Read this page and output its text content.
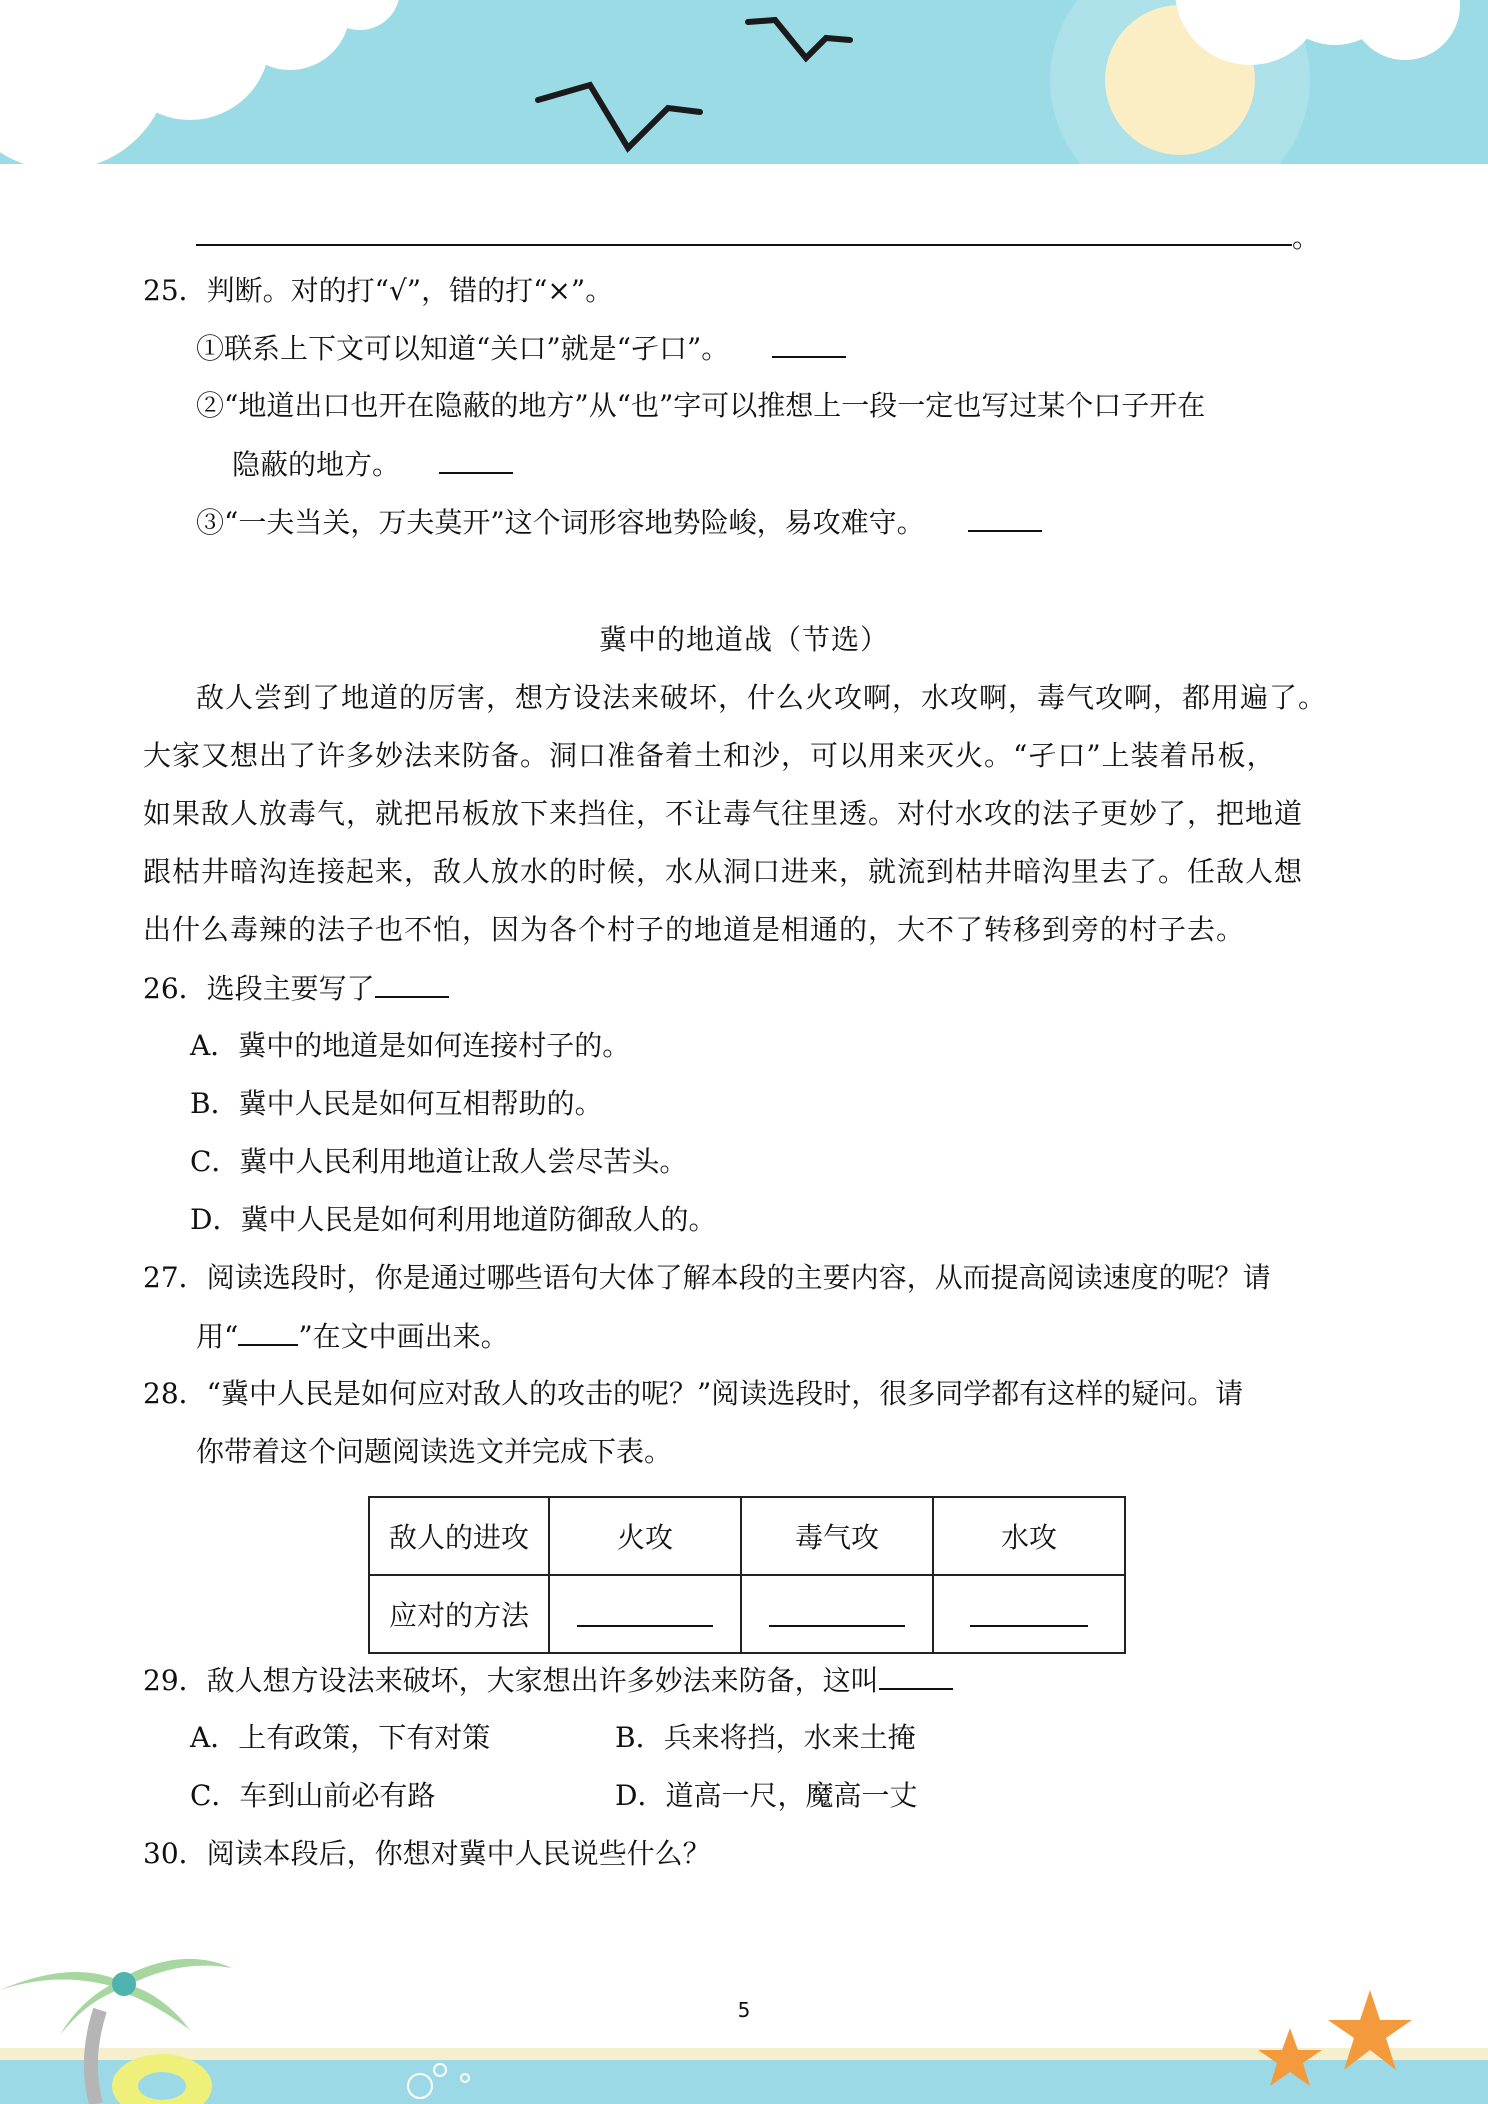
。
25．判断。对的打“√”，错的打“×”。
①联系上下文可以知道“关口”就是“孑口”。
②“地道出口也开在隐蔽的地方”从“也”字可以推想上一段一定也写过某个口子开在
隐蔽的地方。
③“一夫当关，万夫莫开”这个词形容地势险峻，易攻难守。
冀中的地道战（节选）
敌人尝到了地道的厉害，想方设法来破坏，什么火攻啊，水攻啊，毒气攻啊，都用遍了。
大家又想出了许多妙法来防备。洞口准备着土和沙，可以用来灭火。“孑口”上装着吊板，
如果敌人放毒气，就把吊板放下来挡住，不让毒气往里透。对付水攻的法子更妙了，把地道
跟枯井暗沟连接起来，敌人放水的时候，水从洞口进来，就流到枯井暗沟里去了。任敌人想
出什么毒辣的法子也不怕，因为各个村子的地道是相通的，大不了转移到旁的村子去。
26．选段主要写了
A．冀中的地道是如何连接村子的。
B．冀中人民是如何互相帮助的。
C．冀中人民利用地道让敌人尝尽苦头。
D．冀中人民是如何利用地道防御敌人的。
27．阅读选段时，你是通过哪些语句大体了解本段的主要内容，从而提高阅读速度的呢？请
用“ ”在文中画出来。
28．“冀中人民是如何应对敌人的攻击的呢？”阅读选段时，很多同学都有这样的疑问。请
你带着这个问题阅读选文并完成下表。
敌人的进攻	火攻	毒气攻	水攻
应对的方法			
29．敌人想方设法来破坏，大家想出许多妙法来防备，这叫
A．上有政策，下有对策	B．兵来将挡，水来土掩
C．车到山前必有路	D．道高一尺，魔高一丈
30．阅读本段后，你想对冀中人民说些什么？
5
